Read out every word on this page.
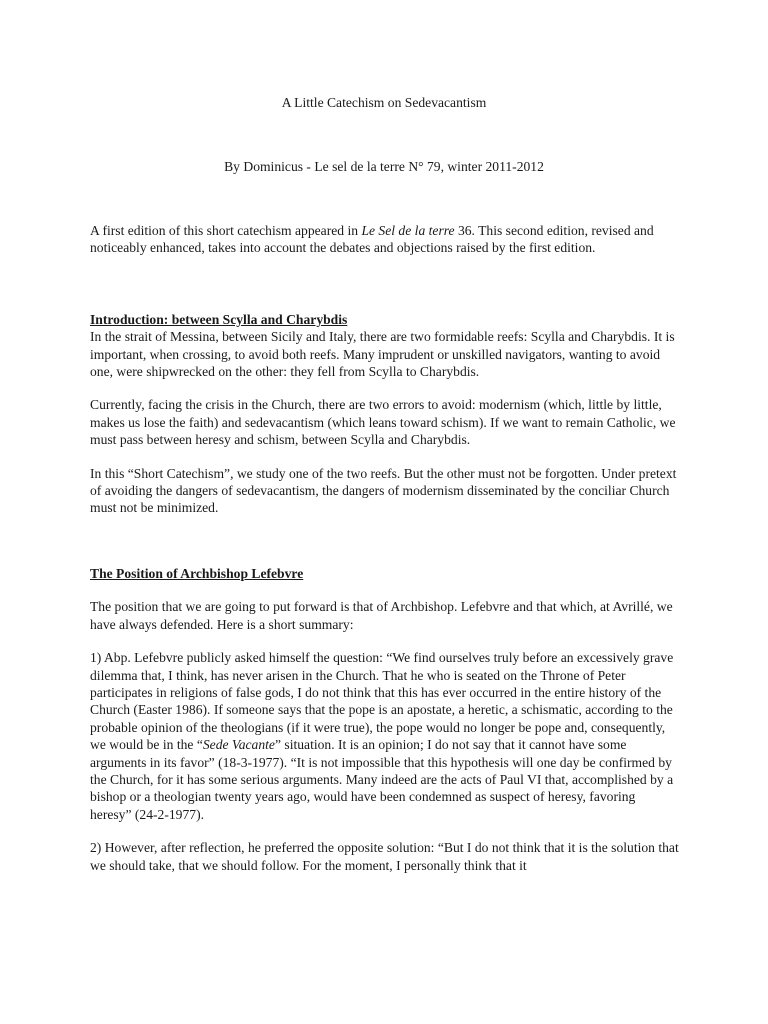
A Little Catechism on Sedevacantism
By Dominicus - Le sel de la terre N° 79, winter 2011-2012

A first edition of this short catechism appeared in Le Sel de la terre 36. This second edition, revised and noticeably enhanced, takes into account the debates and objections raised by the first edition.

Introduction: between Scylla and Charybdis

In the strait of Messina, between Sicily and Italy, there are two formidable reefs: Scylla and Charybdis. It is important, when crossing, to avoid both reefs. Many imprudent or unskilled navigators, wanting to avoid one, were shipwrecked on the other: they fell from Scylla to Charybdis.

Currently, facing the crisis in the Church, there are two errors to avoid: modernism (which, little by little, makes us lose the faith) and sedevacantism (which leans toward schism). If we want to remain Catholic, we must pass between heresy and schism, between Scylla and Charybdis.

In this “Short Catechism”, we study one of the two reefs. But the other must not be forgotten. Under pretext of avoiding the dangers of sedevacantism, the dangers of modernism disseminated by the conciliar Church must not be minimized.

The Position of Archbishop Lefebvre

The position that we are going to put forward is that of Archbishop. Lefebvre and that which, at Avrillé, we have always defended. Here is a short summary:

1) Abp. Lefebvre publicly asked himself the question: “We find ourselves truly before an excessively grave dilemma that, I think, has never arisen in the Church. That he who is seated on the Throne of Peter participates in religions of false gods, I do not think that this has ever occurred in the entire history of the Church (Easter 1986). If someone says that the pope is an apostate, a heretic, a schismatic, according to the probable opinion of the theologians (if it were true), the pope would no longer be pope and, consequently, we would be in the “Sede Vacante” situation. It is an opinion; I do not say that it cannot have some arguments in its favor” (18-3-1977). “It is not impossible that this hypothesis will one day be confirmed by the Church, for it has some serious arguments. Many indeed are the acts of Paul VI that, accomplished by a bishop or a theologian twenty years ago, would have been condemned as suspect of heresy, favoring heresy” (24-2-1977).

2) However, after reflection, he preferred the opposite solution: “But I do not think that it is the solution that we should take, that we should follow. For the moment, I personally think that it
